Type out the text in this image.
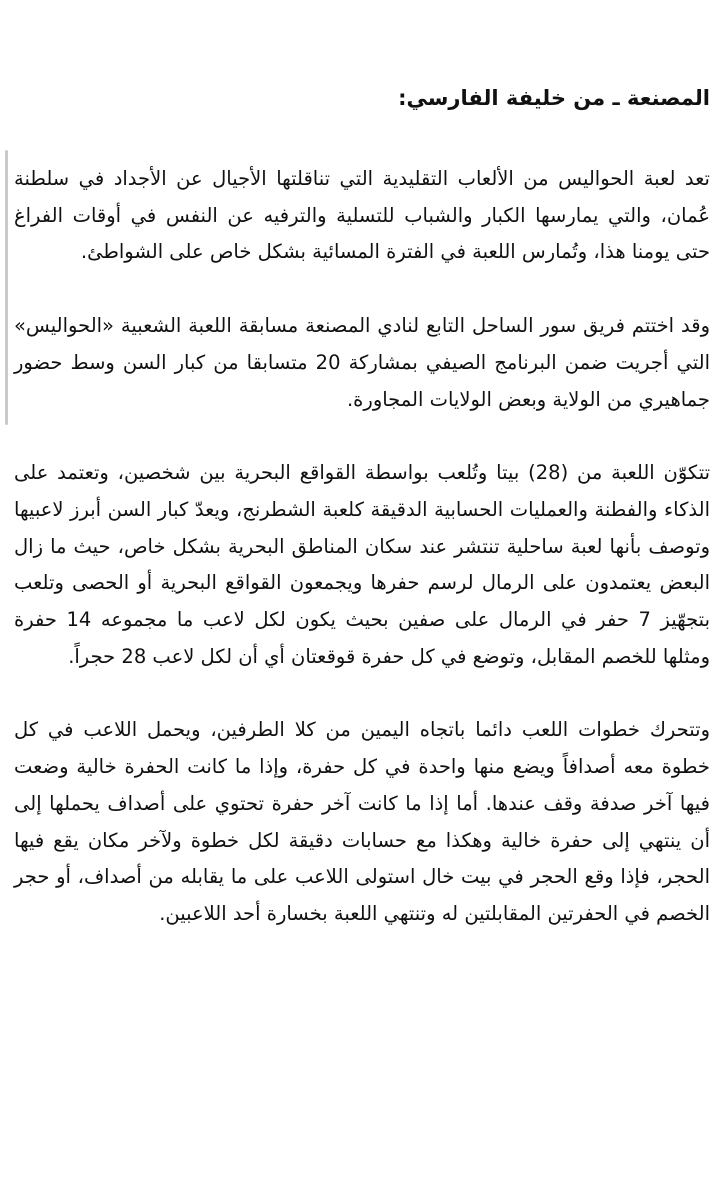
المصنعة ـ من خليفة الفارسي:

تعد لعبة الحواليس من الألعاب التقليدية التي تناقلتها الأجيال عن الأجداد في سلطنة عُمان، والتي يمارسها الكبار والشباب للتسلية والترفيه عن النفس في أوقات الفراغ حتى يومنا هذا، وتُمارس اللعبة في الفترة المسائية بشكل خاص على الشواطئ.

وقد اختتم فريق سور الساحل التابع لنادي المصنعة مسابقة اللعبة الشعبية «الحواليس» التي أجريت ضمن البرنامج الصيفي بمشاركة 20 متسابقا من كبار السن وسط حضور جماهيري من الولاية وبعض الولايات المجاورة.

تتكوّن اللعبة من (28) بيتا وتُلعب بواسطة القواقع البحرية بين شخصين، وتعتمد على الذكاء والفطنة والعمليات الحسابية الدقيقة كلعبة الشطرنج، ويعدّ كبار السن أبرز لاعبيها وتوصف بأنها لعبة ساحلية تنتشر عند سكان المناطق البحرية بشكل خاص، حيث ما زال البعض يعتمدون على الرمال لرسم حفرها ويجمعون القواقع البحرية أو الحصى وتلعب بتجهّيز 7 حفر في الرمال على صفين بحيث يكون لكل لاعب ما مجموعه 14 حفرة ومثلها للخصم المقابل، وتوضع في كل حفرة قوقعتان أي أن لكل لاعب 28 حجراً.

وتتحرك خطوات اللعب دائما باتجاه اليمين من كلا الطرفين، ويحمل اللاعب في كل خطوة معه أصدافاً ويضع منها واحدة في كل حفرة، وإذا ما كانت الحفرة خالية وضعت فيها آخر صدفة وقف عندها. أما إذا ما كانت آخر حفرة تحتوي على أصداف يحملها إلى أن ينتهي إلى حفرة خالية وهكذا مع حسابات دقيقة لكل خطوة ولآخر مكان يقع فيها الحجر، فإذا وقع الحجر في بيت خال استولى اللاعب على ما يقابله من أصداف، أو حجر الخصم في الحفرتين المقابلتين له وتنتهي اللعبة بخسارة أحد اللاعبين.
